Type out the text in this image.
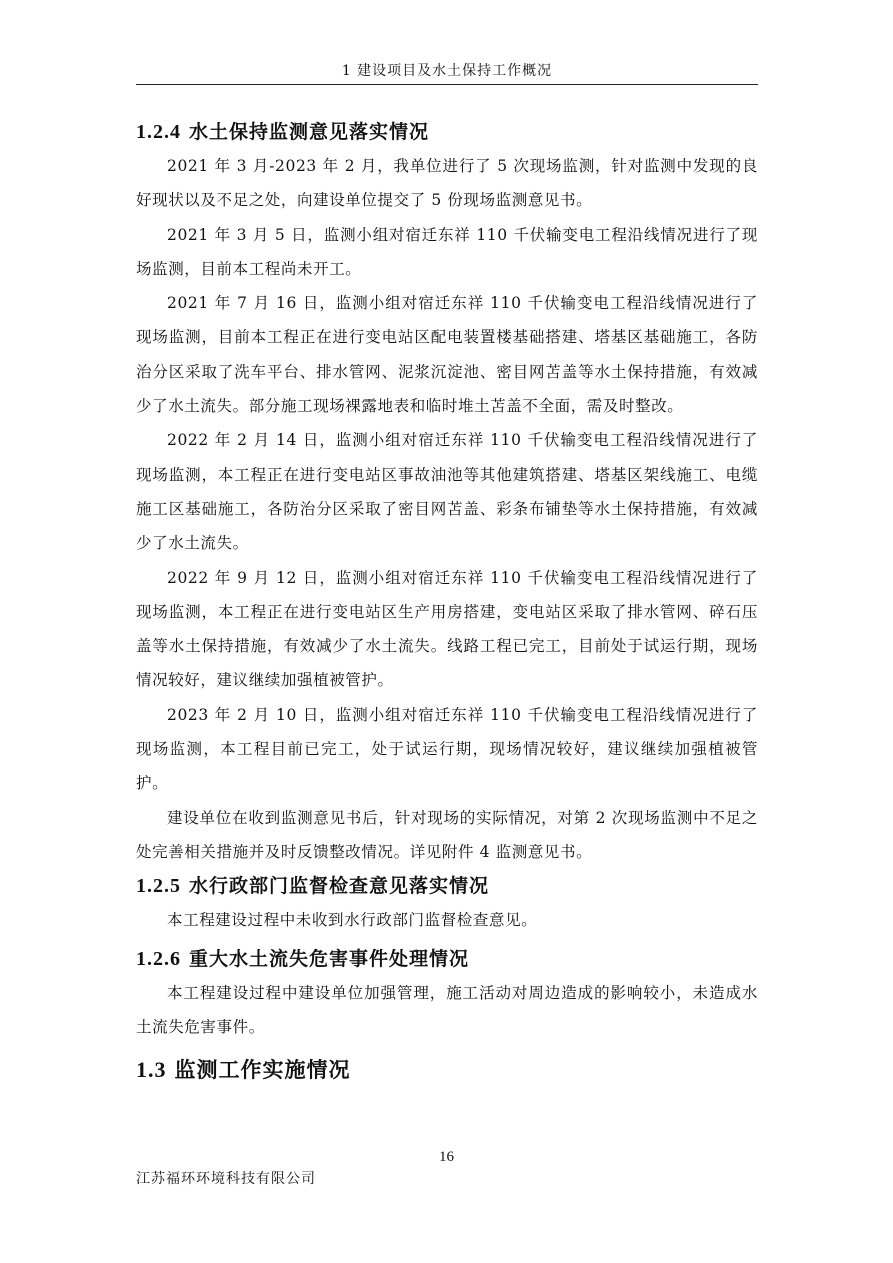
1 建设项目及水土保持工作概况
1.2.4 水土保持监测意见落实情况

2021 年 3 月-2023 年 2 月，我单位进行了 5 次现场监测，针对监测中发现的良好现状以及不足之处，向建设单位提交了 5 份现场监测意见书。

2021 年 3 月 5 日，监测小组对宿迁东祥 110 千伏输变电工程沿线情况进行了现场监测，目前本工程尚未开工。

2021 年 7 月 16 日，监测小组对宿迁东祥 110 千伏输变电工程沿线情况进行了现场监测，目前本工程正在进行变电站区配电装置楼基础搭建、塔基区基础施工，各防治分区采取了洗车平台、排水管网、泥浆沉淀池、密目网苫盖等水土保持措施，有效减少了水土流失。部分施工现场裸露地表和临时堆土苫盖不全面，需及时整改。

2022 年 2 月 14 日，监测小组对宿迁东祥 110 千伏输变电工程沿线情况进行了现场监测，本工程正在进行变电站区事故油池等其他建筑搭建、塔基区架线施工、电缆施工区基础施工，各防治分区采取了密目网苫盖、彩条布铺垫等水土保持措施，有效减少了水土流失。

2022 年 9 月 12 日，监测小组对宿迁东祥 110 千伏输变电工程沿线情况进行了现场监测，本工程正在进行变电站区生产用房搭建，变电站区采取了排水管网、碎石压盖等水土保持措施，有效减少了水土流失。线路工程已完工，目前处于试运行期，现场情况较好，建议继续加强植被管护。

2023 年 2 月 10 日，监测小组对宿迁东祥 110 千伏输变电工程沿线情况进行了现场监测，本工程目前已完工，处于试运行期，现场情况较好，建议继续加强植被管护。

建设单位在收到监测意见书后，针对现场的实际情况，对第 2 次现场监测中不足之处完善相关措施并及时反馈整改情况。详见附件 4 监测意见书。

1.2.5 水行政部门监督检查意见落实情况

本工程建设过程中未收到水行政部门监督检查意见。

1.2.6 重大水土流失危害事件处理情况

本工程建设过程中建设单位加强管理，施工活动对周边造成的影响较小，未造成水土流失危害事件。

1.3 监测工作实施情况
16
江苏福环环境科技有限公司
